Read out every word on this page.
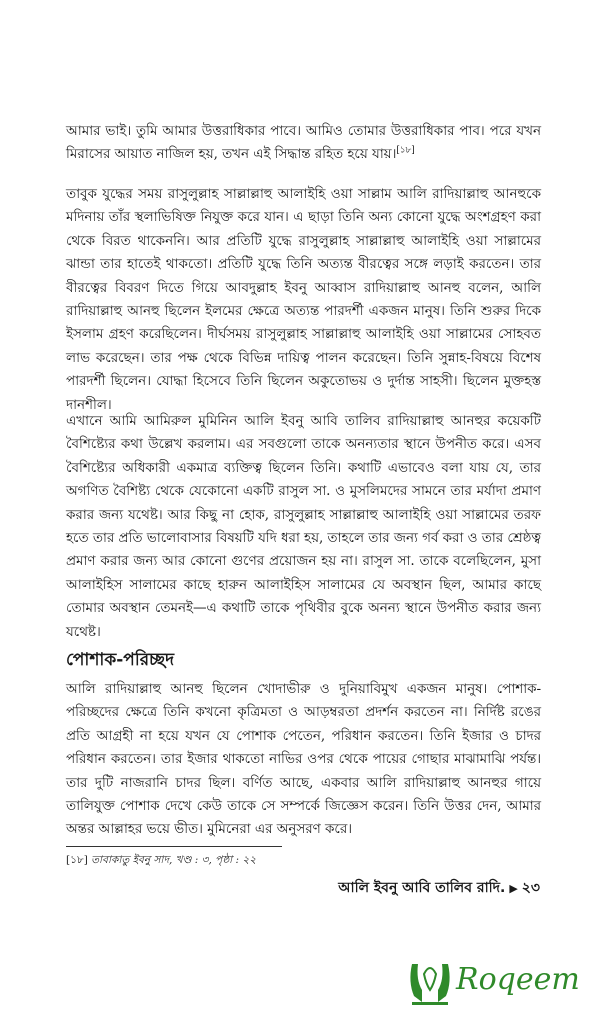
আমার ভাই। তুমি আমার উত্তরাধিকার পাবে। আমিও তোমার উত্তরাধিকার পাব। পরে যখন মিরাসের আয়াত নাজিল হয়, তখন এই সিদ্ধান্ত রহিত হয়ে যায়।[১৮]

তাবুক যুদ্ধের সময় রাসুলুল্লাহ সাল্লাল্লাহু আলাইহি ওয়া সাল্লাম আলি রাদিয়াল্লাহু আনহুকে মদিনায় তাঁর স্থলাভিষিক্ত নিযুক্ত করে যান। এ ছাড়া তিনি অন্য কোনো যুদ্ধে অংশগ্রহণ করা থেকে বিরত থাকেননি। আর প্রতিটি যুদ্ধে রাসুলুল্লাহ সাল্লাল্লাহু আলাইহি ওয়া সাল্লামের ঝান্ডা তার হাতেই থাকতো। প্রতিটি যুদ্ধে তিনি অত্যন্ত বীরত্বের সঙ্গে লড়াই করতেন। তার বীরত্বের বিবরণ দিতে গিয়ে আবদুল্লাহ ইবনু আব্বাস রাদিয়াল্লাহু আনহু বলেন, আলি রাদিয়াল্লাহু আনহু ছিলেন ইলমের ক্ষেত্রে অত্যন্ত পারদর্শী একজন মানুষ। তিনি শুরুর দিকে ইসলাম গ্রহণ করেছিলেন। দীর্ঘসময় রাসুলুল্লাহ সাল্লাল্লাহু আলাইহি ওয়া সাল্লামের সোহবত লাভ করেছেন। তার পক্ষ থেকে বিভিন্ন দায়িত্ব পালন করেছেন। তিনি সুন্নাহ-বিষয়ে বিশেষ পারদর্শী ছিলেন। যোদ্ধা হিসেবে তিনি ছিলেন অকুতোভয় ও দুর্দান্ত সাহসী। ছিলেন মুক্তহস্ত দানশীল।

এখানে আমি আমিরুল মুমিনিন আলি ইবনু আবি তালিব রাদিয়াল্লাহু আনহুর কয়েকটি বৈশিষ্ট্যের কথা উল্লেখ করলাম। এর সবগুলো তাকে অনন্যতার স্থানে উপনীত করে। এসব বৈশিষ্ট্যের অধিকারী একমাত্র ব্যক্তিত্ব ছিলেন তিনি। কথাটি এভাবেও বলা যায় যে, তার অগণিত বৈশিষ্ট্য থেকে যেকোনো একটি রাসুল সা. ও মুসলিমদের সামনে তার মর্যাদা প্রমাণ করার জন্য যথেষ্ট। আর কিছু না হোক, রাসুলুল্লাহ সাল্লাল্লাহু আলাইহি ওয়া সাল্লামের তরফ হতে তার প্রতি ভালোবাসার বিষয়টি যদি ধরা হয়, তাহলে তার জন্য গর্ব করা ও তার শ্রেষ্ঠত্ব প্রমাণ করার জন্য আর কোনো গুণের প্রয়োজন হয় না। রাসুল সা. তাকে বলেছিলেন, মুসা আলাইহিস সালামের কাছে হারুন আলাইহিস সালামের যে অবস্থান ছিল, আমার কাছে তোমার অবস্থান তেমনই—এ কথাটি তাকে পৃথিবীর বুকে অনন্য স্থানে উপনীত করার জন্য যথেষ্ট।

পোশাক-পরিচ্ছদ

আলি রাদিয়াল্লাহু আনহু ছিলেন খোদাভীরু ও দুনিয়াবিমুখ একজন মানুষ। পোশাক-পরিচ্ছদের ক্ষেত্রে তিনি কখনো কৃত্রিমতা ও আড়ম্বরতা প্রদর্শন করতেন না। নির্দিষ্ট রঙের প্রতি আগ্রহী না হয়ে যখন যে পোশাক পেতেন, পরিধান করতেন। তিনি ইজার ও চাদর পরিধান করতেন। তার ইজার থাকতো নাভির ওপর থেকে পায়ের গোছার মাঝামাঝি পর্যন্ত। তার দুটি নাজরানি চাদর ছিল। বর্ণিত আছে, একবার আলি রাদিয়াল্লাহু আনহুর গায়ে তালিযুক্ত পোশাক দেখে কেউ তাকে সে সম্পর্কে জিজ্ঞেস করেন। তিনি উত্তর দেন, আমার অন্তর আল্লাহর ভয়ে ভীত। মুমিনেরা এর অনুসরণ করে।

[১৮] তাবাকাতু ইবনু সাদ, খণ্ড : ৩, পৃষ্ঠা : ২২

আলি ইবনু আবি তালিব রাদি. ▶ ২৩
Roqeem
